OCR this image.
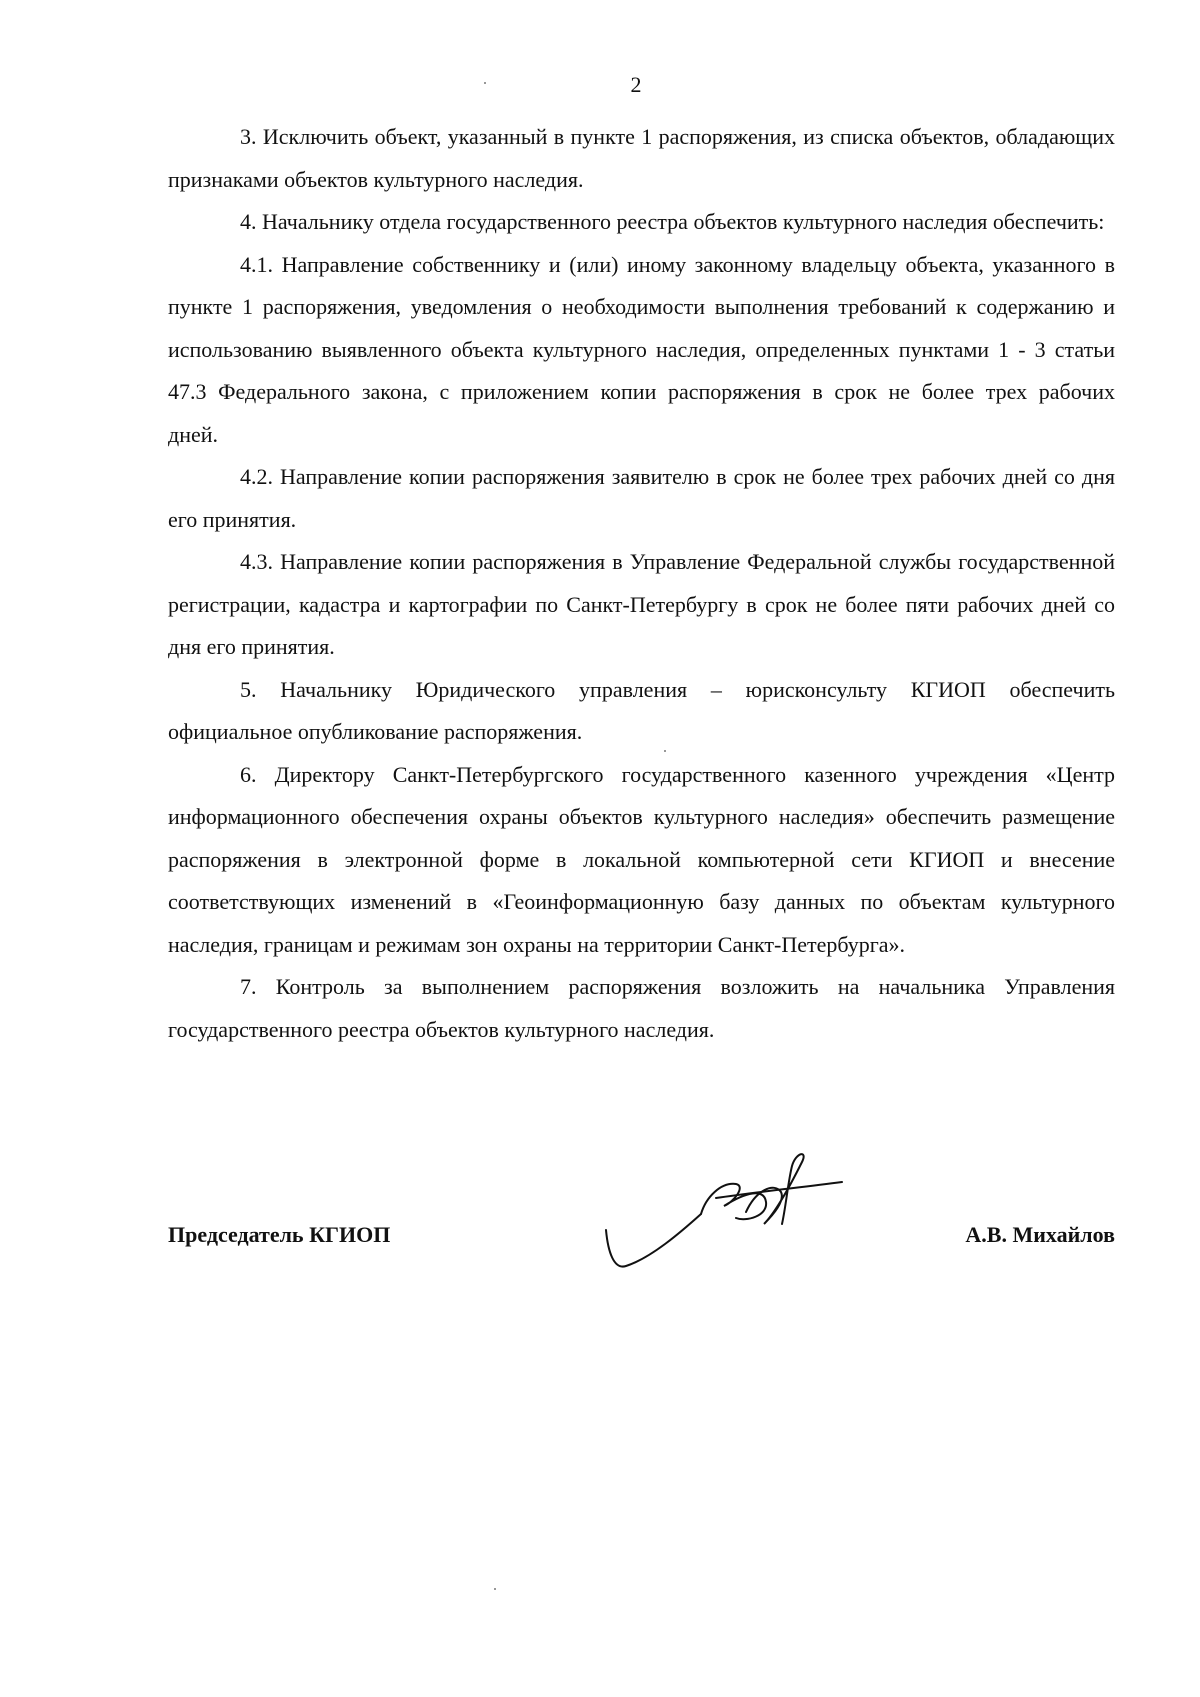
2

3. Исключить объект, указанный в пункте 1 распоряжения, из списка объектов, обладающих признаками объектов культурного наследия.

4. Начальнику отдела государственного реестра объектов культурного наследия обеспечить:

4.1. Направление собственнику и (или) иному законному владельцу объекта, указанного в пункте 1 распоряжения, уведомления о необходимости выполнения требований к содержанию и использованию выявленного объекта культурного наследия, определенных пунктами 1 - 3 статьи 47.3 Федерального закона, с приложением копии распоряжения в срок не более трех рабочих дней.

4.2. Направление копии распоряжения заявителю в срок не более трех рабочих дней со дня его принятия.

4.3. Направление копии распоряжения в Управление Федеральной службы государственной регистрации, кадастра и картографии по Санкт-Петербургу в срок не более пяти рабочих дней со дня его принятия.

5. Начальнику Юридического управления – юрисконсульту КГИОП обеспечить официальное опубликование распоряжения.

6. Директору Санкт-Петербургского государственного казенного учреждения «Центр информационного обеспечения охраны объектов культурного наследия» обеспечить размещение распоряжения в электронной форме в локальной компьютерной сети КГИОП и внесение соответствующих изменений в «Геоинформационную базу данных по объектам культурного наследия, границам и режимам зон охраны на территории Санкт-Петербурга».

7. Контроль за выполнением распоряжения возложить на начальника Управления государственного реестра объектов культурного наследия.

Председатель КГИОП	А.В. Михайлов
